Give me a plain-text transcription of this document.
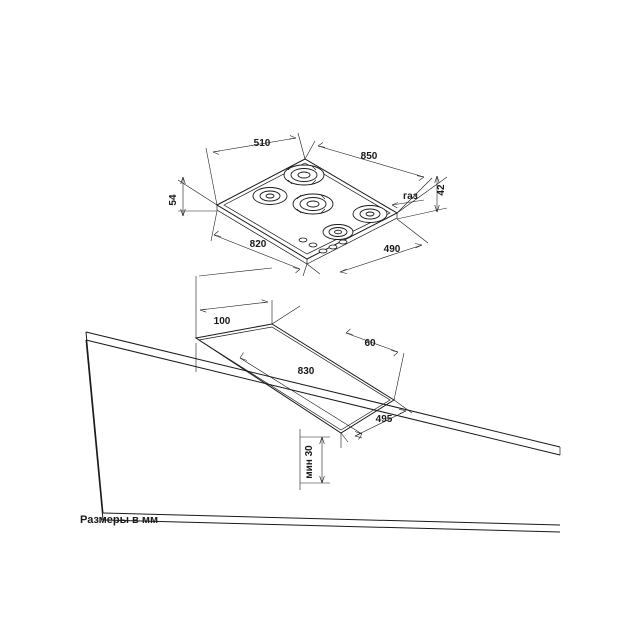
510
850
54
42
газ
820	490
100
60
830
495
мин 30
Размеры в мм
